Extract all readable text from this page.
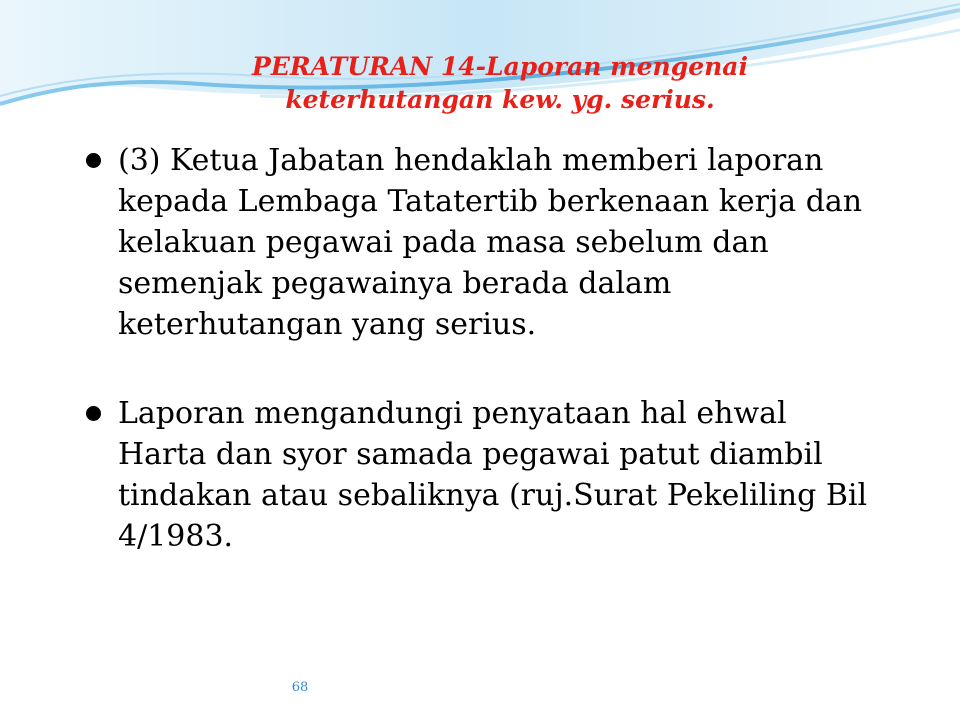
PERATURAN 14-Laporan mengenai
keterhutangan kew. yg. serius.
(3) Ketua Jabatan hendaklah memberi laporan kepada Lembaga Tatatertib berkenaan kerja dan kelakuan pegawai pada masa sebelum dan semenjak pegawainya berada dalam keterhutangan yang serius.
Laporan mengandungi penyataan hal ehwal Harta dan syor samada pegawai patut diambil tindakan atau sebaliknya (ruj.Surat Pekeliling Bil 4/1983.
68
